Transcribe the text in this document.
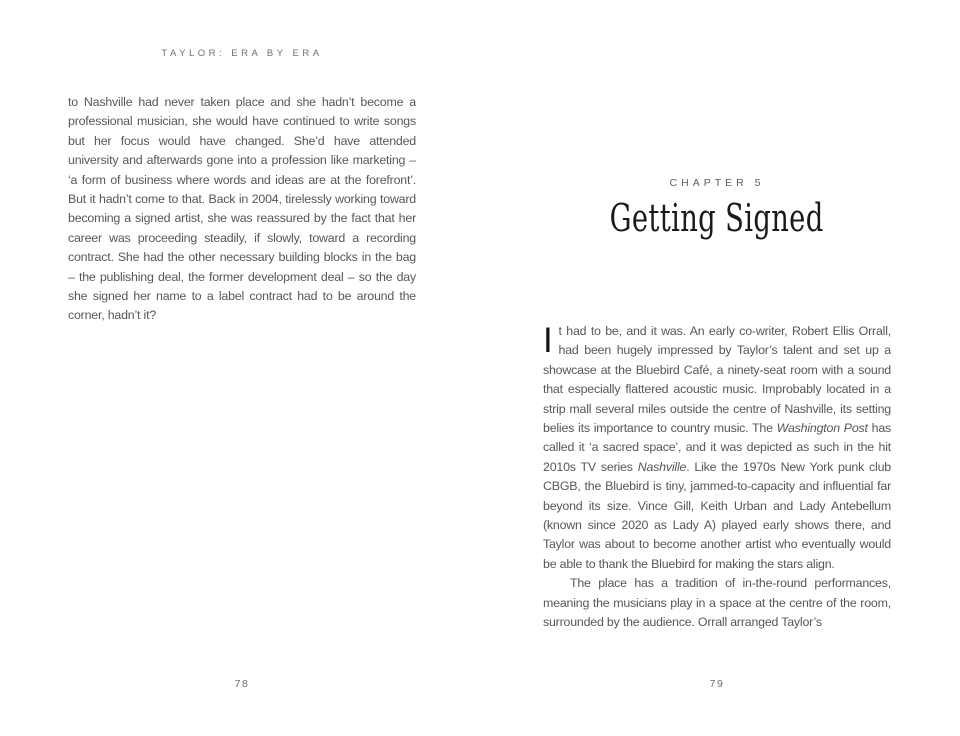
TAYLOR: ERA BY ERA

to Nashville had never taken place and she hadn’t become a professional musician, she would have continued to write songs but her focus would have changed. She’d have attended university and afterwards gone into a profession like marketing – ‘a form of business where words and ideas are at the forefront’. But it hadn’t come to that. Back in 2004, tirelessly working toward becoming a signed artist, she was reassured by the fact that her career was proceeding steadily, if slowly, toward a recording contract. She had the other necessary building blocks in the bag – the publishing deal, the former development deal – so the day she signed her name to a label contract had to be around the corner, hadn’t it?

78
CHAPTER 5
Getting Signed

It had to be, and it was. An early co-writer, Robert Ellis Orrall, had been hugely impressed by Taylor’s talent and set up a showcase at the Bluebird Café, a ninety-seat room with a sound that especially flattered acoustic music. Improbably located in a strip mall several miles outside the centre of Nashville, its setting belies its importance to country music. The Washington Post has called it ‘a sacred space’, and it was depicted as such in the hit 2010s TV series Nashville. Like the 1970s New York punk club CBGB, the Bluebird is tiny, jammed-to-capacity and influential far beyond its size. Vince Gill, Keith Urban and Lady Antebellum (known since 2020 as Lady A) played early shows there, and Taylor was about to become another artist who eventually would be able to thank the Bluebird for making the stars align.

The place has a tradition of in-the-round performances, meaning the musicians play in a space at the centre of the room, surrounded by the audience. Orrall arranged Taylor’s

79
